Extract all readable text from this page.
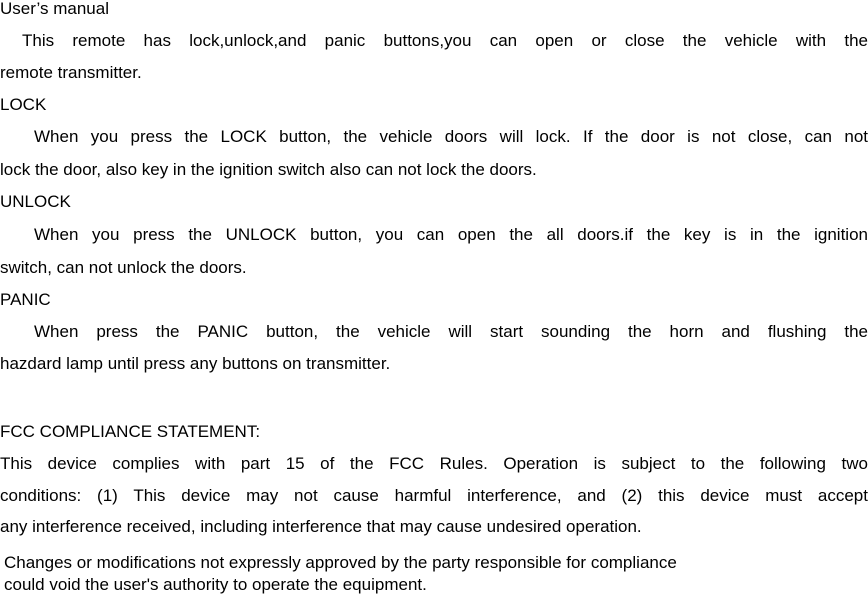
User’s manual
This remote has lock,unlock,and panic buttons,you can open or close the vehicle with the
remote transmitter.
LOCK
When you press the LOCK button, the vehicle doors will lock. If the door is not close, can not
lock the door, also key in the ignition switch also can not lock the doors.
UNLOCK
When you press the UNLOCK button, you can open the all doors.if the key is in the ignition
switch, can not unlock the doors.
PANIC
When press the PANIC button, the vehicle will start sounding the horn and flushing the
hazdard lamp until press any buttons on transmitter.
FCC COMPLIANCE STATEMENT:
This device complies with part 15 of the FCC Rules. Operation is subject to the following two
conditions: (1) This device may not cause harmful interference, and (2) this device must accept
any interference received, including interference that may cause undesired operation.
Changes or modifications not expressly approved by the party responsible for compliance
could void the user's authority to operate the equipment.
